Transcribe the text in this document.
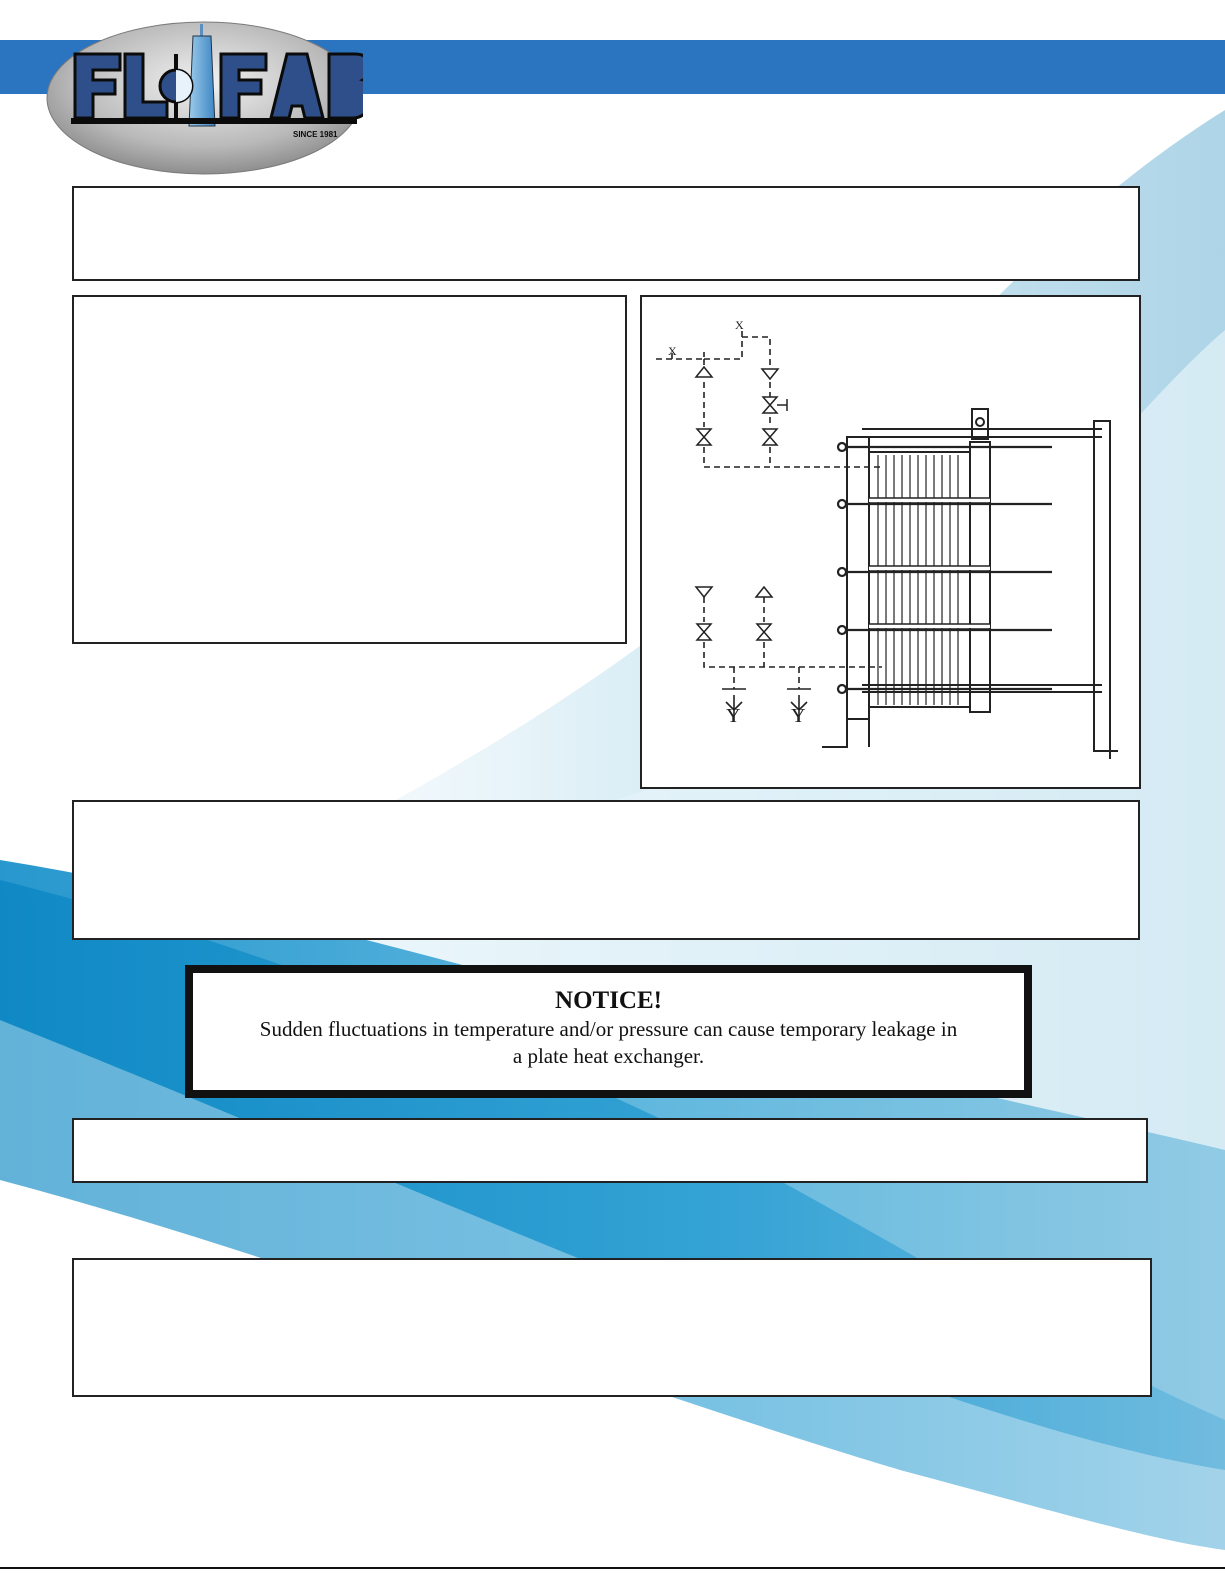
SINCE 1981
X
X
Y	Y
NOTICE!
Sudden fluctuations in temperature and/or pressure can cause temporary leakage in a plate heat exchanger.
